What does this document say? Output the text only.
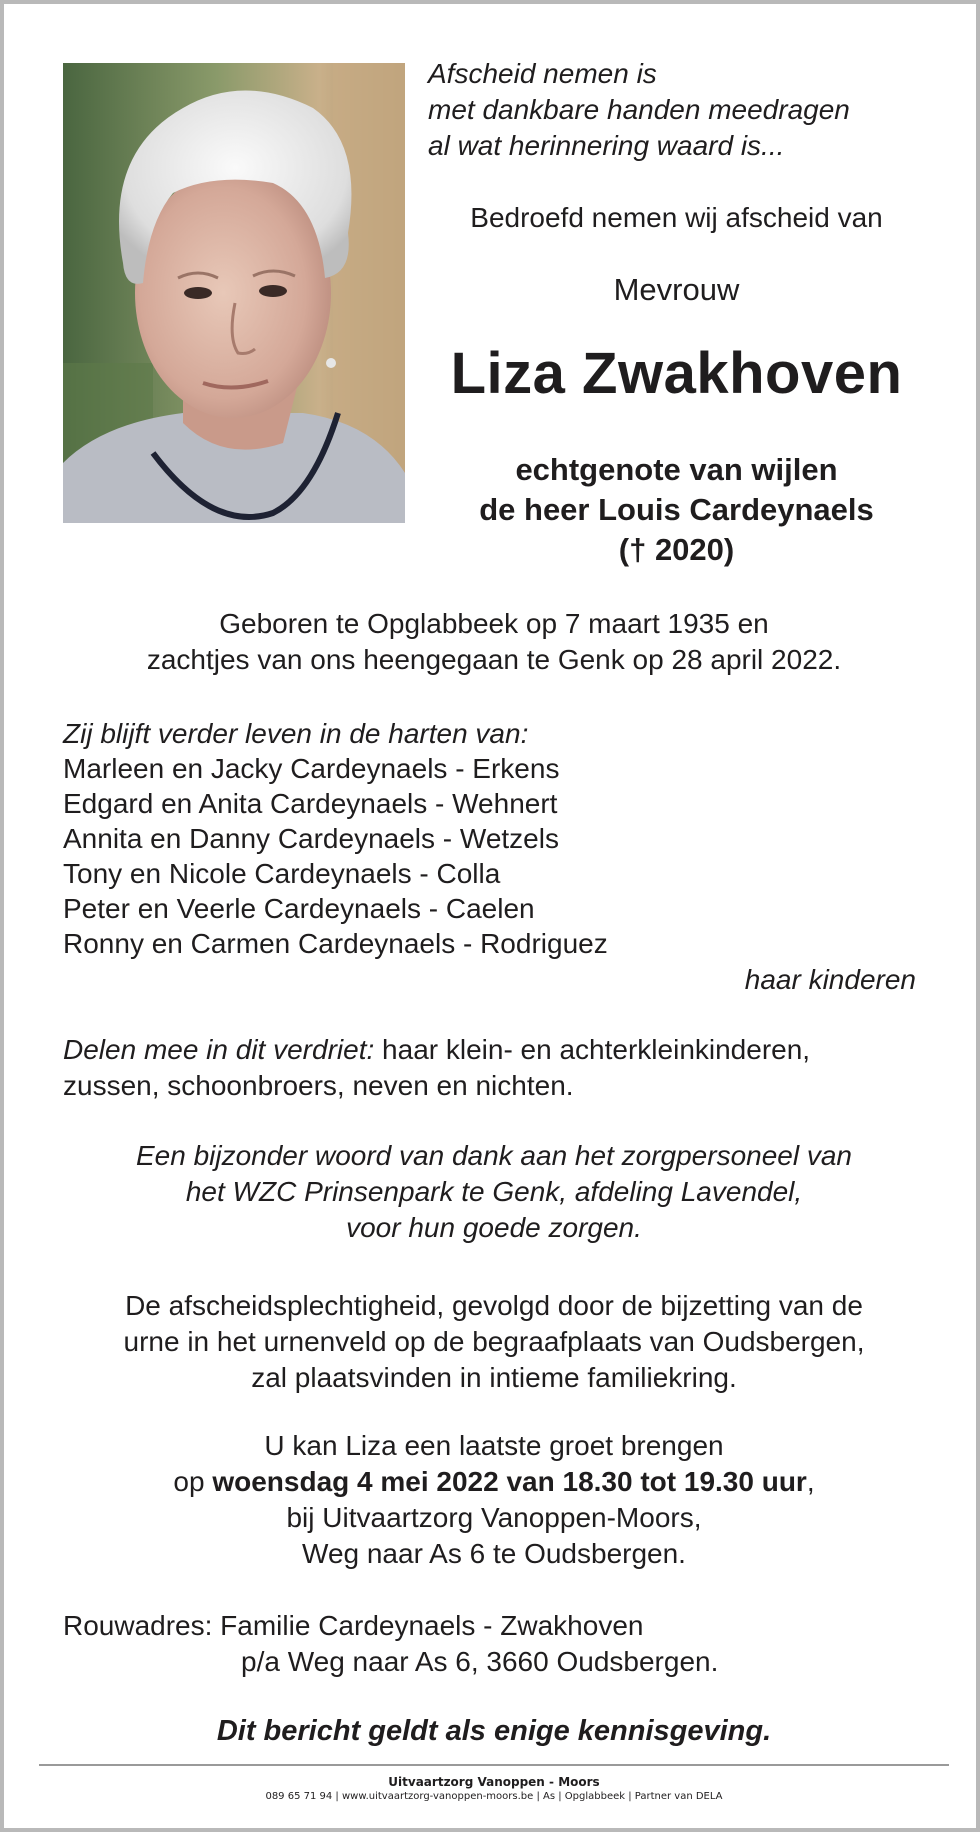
Afscheid nemen is
met dankbare handen meedragen
al wat herinnering waard is...
Bedroefd nemen wij afscheid van
Mevrouw
Liza Zwakhoven
echtgenote van wijlen
de heer Louis Cardeynaels
(† 2020)
Geboren te Opglabbeek op 7 maart 1935 en
zachtjes van ons heengegaan te Genk op 28 april 2022.
Zij blijft verder leven in de harten van:
Marleen en Jacky Cardeynaels - Erkens
Edgard en Anita Cardeynaels - Wehnert
Annita en Danny Cardeynaels - Wetzels
Tony en Nicole Cardeynaels - Colla
Peter en Veerle Cardeynaels - Caelen
Ronny en Carmen Cardeynaels - Rodriguez
haar kinderen
Delen mee in dit verdriet: haar klein- en achterkleinkinderen,
zussen, schoonbroers, neven en nichten.
Een bijzonder woord van dank aan het zorgpersoneel van
het WZC Prinsenpark te Genk, afdeling Lavendel,
voor hun goede zorgen.
De afscheidsplechtigheid, gevolgd door de bijzetting van de
urne in het urnenveld op de begraafplaats van Oudsbergen,
zal plaatsvinden in intieme familiekring.
U kan Liza een laatste groet brengen
op woensdag 4 mei 2022 van 18.30 tot 19.30 uur,
bij Uitvaartzorg Vanoppen-Moors,
Weg naar As 6 te Oudsbergen.
Rouwadres: Familie Cardeynaels - Zwakhoven
p/a Weg naar As 6, 3660 Oudsbergen.
Dit bericht geldt als enige kennisgeving.
Uitvaartzorg Vanoppen - Moors
089 65 71 94 | www.uitvaartzorg-vanoppen-moors.be | As | Opglabbeek | Partner van DELA
